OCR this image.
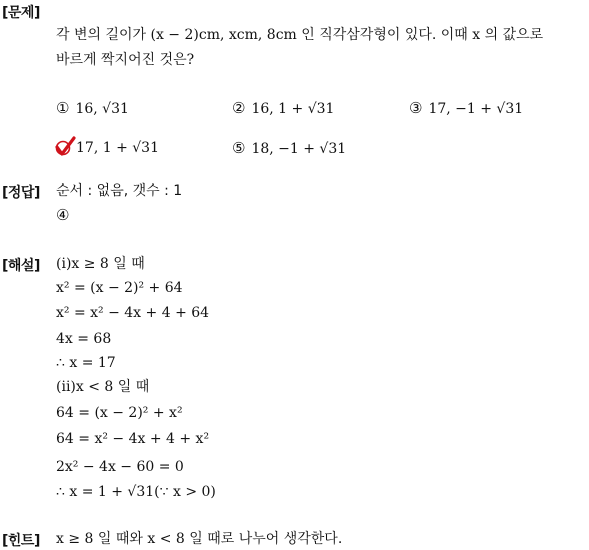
[문제]
각 변의 길이가 (x − 2)cm, xcm, 8cm 인 직각삼각형이 있다. 이때 x 의 값으로
바르게 짝지어진 것은?
① 16, √31	② 16, 1 + √31	③ 17, −1 + √31
17, 1 + √31	⑤ 18, −1 + √31
[정답] 순서 : 없음, 갯수 : 1
④
[해설] (i)x ≥ 8 일 때
x² = (x − 2)² + 64
x² = x² − 4x + 4 + 64
4x = 68
∴ x = 17
(ii)x < 8 일 때
64 = (x − 2)² + x²
64 = x² − 4x + 4 + x²
2x² − 4x − 60 = 0
∴ x = 1 + √31(∵ x > 0)
[힌트] x ≥ 8 일 때와 x < 8 일 때로 나누어 생각한다.
